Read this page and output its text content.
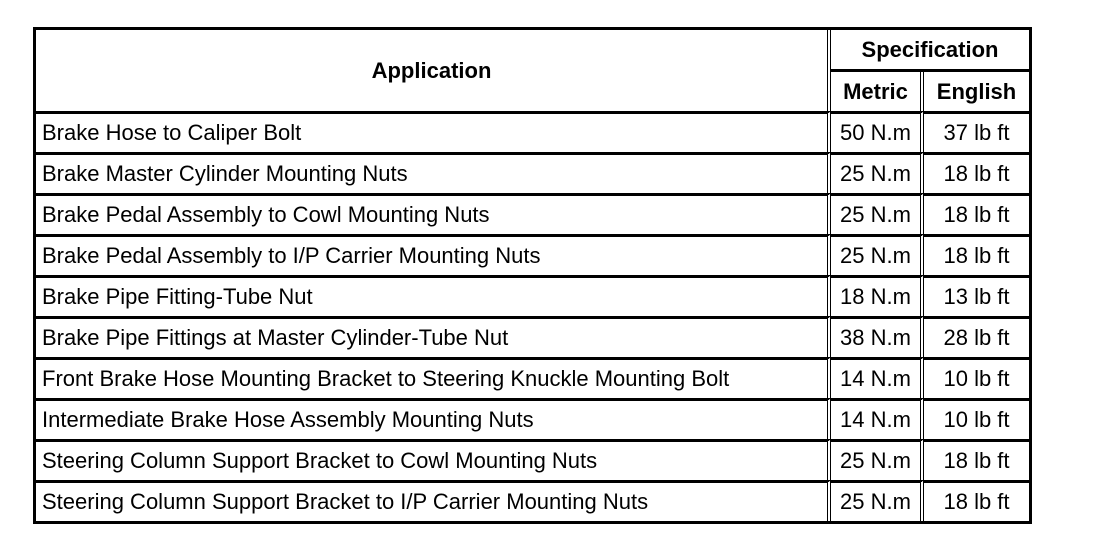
Application	Specification	
	Metric	English
Brake Hose to Caliper Bolt	50 N.m	37 lb ft
Brake Master Cylinder Mounting Nuts	25 N.m	18 lb ft
Brake Pedal Assembly to Cowl Mounting Nuts	25 N.m	18 lb ft
Brake Pedal Assembly to I/P Carrier Mounting Nuts	25 N.m	18 lb ft
Brake Pipe Fitting-Tube Nut	18 N.m	13 lb ft
Brake Pipe Fittings at Master Cylinder-Tube Nut	38 N.m	28 lb ft
Front Brake Hose Mounting Bracket to Steering Knuckle Mounting Bolt	14 N.m	10 lb ft
Intermediate Brake Hose Assembly Mounting Nuts	14 N.m	10 lb ft
Steering Column Support Bracket to Cowl Mounting Nuts	25 N.m	18 lb ft
Steering Column Support Bracket to I/P Carrier Mounting Nuts	25 N.m	18 lb ft
